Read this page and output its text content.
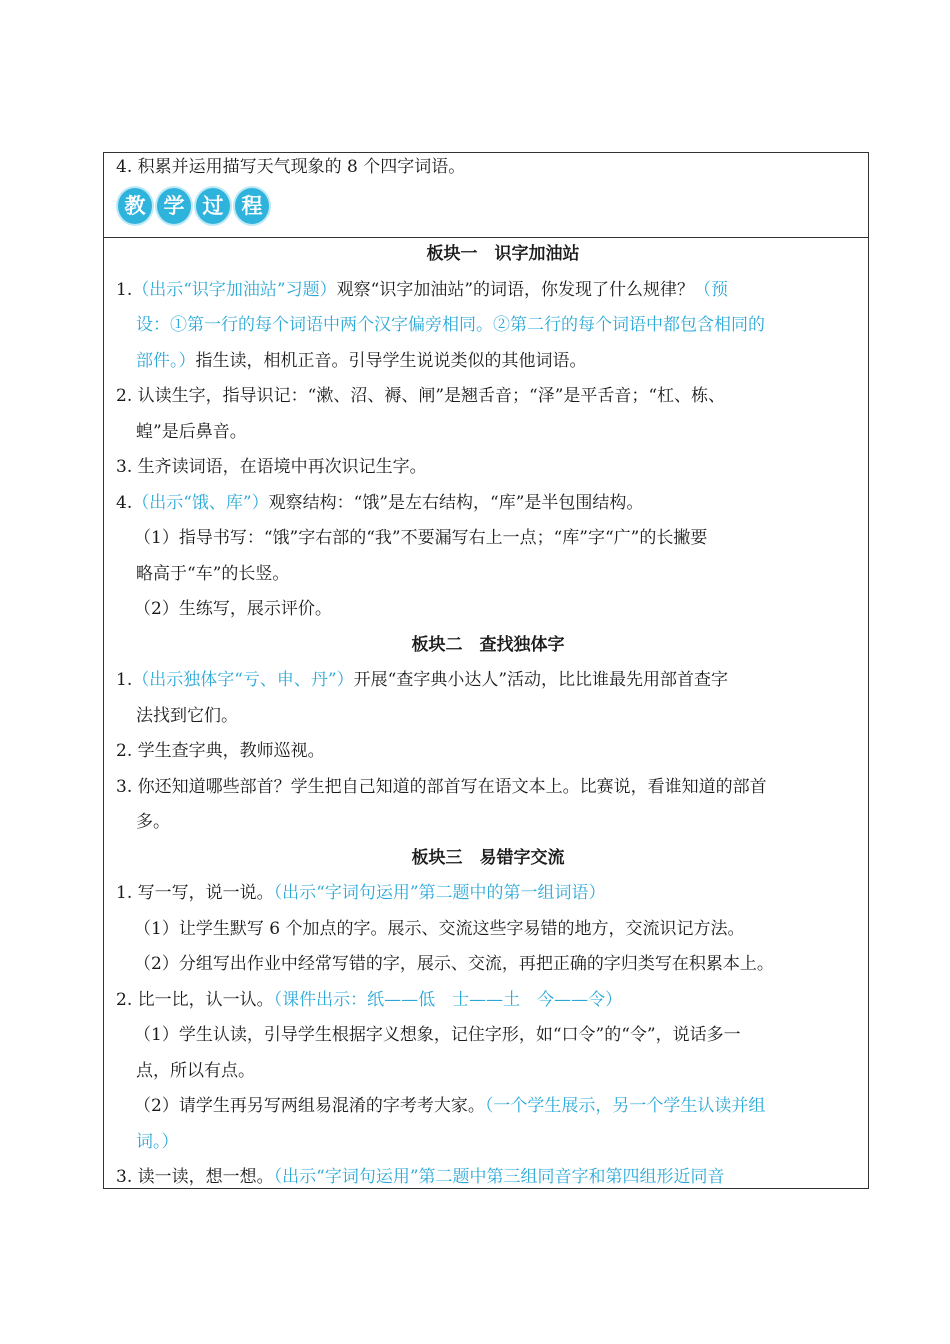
4. 积累并运用描写天气现象的 8 个四字词语。
教 学 过 程
板块一　识字加油站
1.（出示“识字加油站”习题）观察“识字加油站”的词语，你发现了什么规律？（预
设：①第一行的每个词语中两个汉字偏旁相同。②第二行的每个词语中都包含相同的
部件。）指生读，相机正音。引导学生说说类似的其他词语。
2. 认读生字，指导识记：“漱、沼、褥、闸”是翘舌音；“泽”是平舌音；“杠、栋、
蝗”是后鼻音。
3. 生齐读词语，在语境中再次识记生字。
4.（出示“饿、库”）观察结构：“饿”是左右结构，“库”是半包围结构。
（1）指导书写：“饿”字右部的“我”不要漏写右上一点；“库”字“广”的长撇要
略高于“车”的长竖。
（2）生练写，展示评价。
板块二　查找独体字
1.（出示独体字“亏、申、丹”）开展“查字典小达人”活动，比比谁最先用部首查字
法找到它们。
2. 学生查字典，教师巡视。
3. 你还知道哪些部首？学生把自己知道的部首写在语文本上。比赛说，看谁知道的部首
多。
板块三　易错字交流
1. 写一写，说一说。（出示“字词句运用”第二题中的第一组词语）
（1）让学生默写 6 个加点的字。展示、交流这些字易错的地方，交流识记方法。
（2）分组写出作业中经常写错的字，展示、交流，再把正确的字归类写在积累本上。
2. 比一比，认一认。（课件出示：纸——低　士——土　今——令）
（1）学生认读，引导学生根据字义想象，记住字形，如“口令”的“令”，说话多一
点，所以有点。
（2）请学生再另写两组易混淆的字考考大家。（一个学生展示，另一个学生认读并组
词。）
3. 读一读，想一想。（出示“字词句运用”第二题中第三组同音字和第四组形近同音
